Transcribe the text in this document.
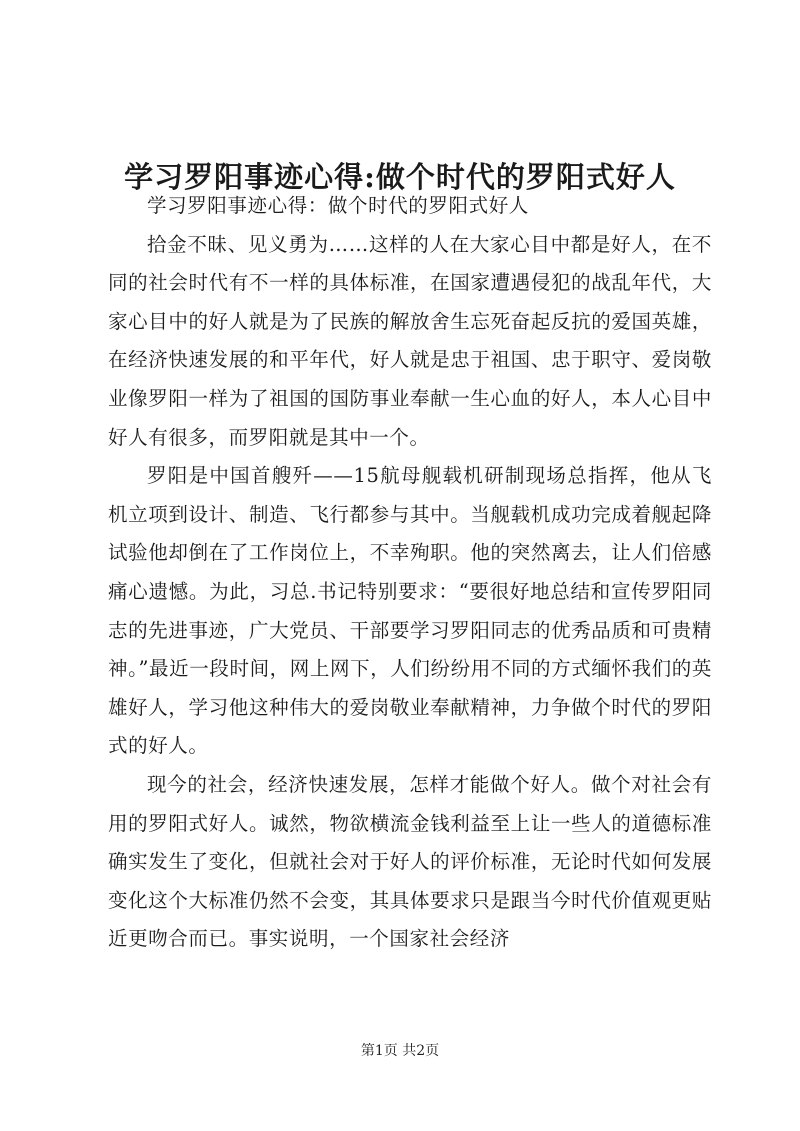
学习罗阳事迹心得:做个时代的罗阳式好人

学习罗阳事迹心得：做个时代的罗阳式好人

拾金不昧、见义勇为……这样的人在大家心目中都是好人，在不同的社会时代有不一样的具体标准，在国家遭遇侵犯的战乱年代，大家心目中的好人就是为了民族的解放舍生忘死奋起反抗的爱国英雄，在经济快速发展的和平年代，好人就是忠于祖国、忠于职守、爱岗敬业像罗阳一样为了祖国的国防事业奉献一生心血的好人，本人心目中好人有很多，而罗阳就是其中一个。

罗阳是中国首艘歼——15航母舰载机研制现场总指挥，他从飞机立项到设计、制造、飞行都参与其中。当舰载机成功完成着舰起降试验他却倒在了工作岗位上，不幸殉职。他的突然离去，让人们倍感痛心遗憾。为此，习总.书记特别要求：“要很好地总结和宣传罗阳同志的先进事迹，广大党员、干部要学习罗阳同志的优秀品质和可贵精神。”最近一段时间，网上网下，人们纷纷用不同的方式缅怀我们的英雄好人，学习他这种伟大的爱岗敬业奉献精神，力争做个时代的罗阳式的好人。

现今的社会，经济快速发展，怎样才能做个好人。做个对社会有用的罗阳式好人。诚然，物欲横流金钱利益至上让一些人的道德标准确实发生了变化，但就社会对于好人的评价标准，无论时代如何发展变化这个大标准仍然不会变，其具体要求只是跟当今时代价值观更贴近更吻合而已。事实说明，一个国家社会经济

第1页 共2页
